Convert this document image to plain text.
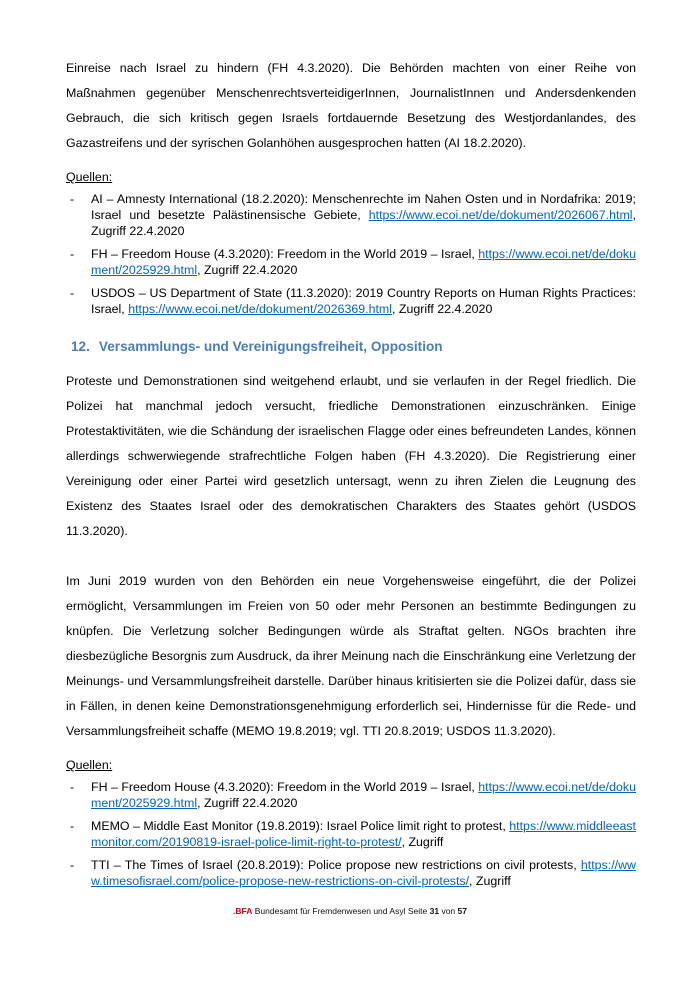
Einreise nach Israel zu hindern (FH 4.3.2020). Die Behörden machten von einer Reihe von Maßnahmen gegenüber MenschenrechtsverteidigerInnen, JournalistInnen und Andersdenkenden Gebrauch, die sich kritisch gegen Israels fortdauernde Besetzung des Westjordanlandes, des Gazastreifens und der syrischen Golanhöhen ausgesprochen hatten (AI 18.2.2020).

Quellen:
- AI – Amnesty International (18.2.2020): Menschenrechte im Nahen Osten und in Nordafrika: 2019; Israel und besetzte Palästinensische Gebiete, https://www.ecoi.net/de/dokument/2026067.html, Zugriff 22.4.2020
- FH – Freedom House (4.3.2020): Freedom in the World 2019 – Israel, https://www.ecoi.net/de/dokument/2025929.html, Zugriff 22.4.2020
- USDOS – US Department of State (11.3.2020): 2019 Country Reports on Human Rights Practices: Israel, https://www.ecoi.net/de/dokument/2026369.html, Zugriff 22.4.2020
12. Versammlungs- und Vereinigungsfreiheit, Opposition

Proteste und Demonstrationen sind weitgehend erlaubt, und sie verlaufen in der Regel friedlich. Die Polizei hat manchmal jedoch versucht, friedliche Demonstrationen einzuschränken. Einige Protestaktivitäten, wie die Schändung der israelischen Flagge oder eines befreundeten Landes, können allerdings schwerwiegende strafrechtliche Folgen haben (FH 4.3.2020). Die Registrierung einer Vereinigung oder einer Partei wird gesetzlich untersagt, wenn zu ihren Zielen die Leugnung des Existenz des Staates Israel oder des demokratischen Charakters des Staates gehört (USDOS 11.3.2020).

Im Juni 2019 wurden von den Behörden ein neue Vorgehensweise eingeführt, die der Polizei ermöglicht, Versammlungen im Freien von 50 oder mehr Personen an bestimmte Bedingungen zu knüpfen. Die Verletzung solcher Bedingungen würde als Straftat gelten. NGOs brachten ihre diesbezügliche Besorgnis zum Ausdruck, da ihrer Meinung nach die Einschränkung eine Verletzung der Meinungs- und Versammlungsfreiheit darstelle. Darüber hinaus kritisierten sie die Polizei dafür, dass sie in Fällen, in denen keine Demonstrationsgenehmigung erforderlich sei, Hindernisse für die Rede- und Versammlungsfreiheit schaffe (MEMO 19.8.2019; vgl. TTI 20.8.2019; USDOS 11.3.2020).

Quellen:
- FH – Freedom House (4.3.2020): Freedom in the World 2019 – Israel, https://www.ecoi.net/de/dokument/2025929.html, Zugriff 22.4.2020
- MEMO – Middle East Monitor (19.8.2019): Israel Police limit right to protest, https://www.middleeastmonitor.com/20190819-israel-police-limit-right-to-protest/, Zugriff
- TTI – The Times of Israel (20.8.2019): Police propose new restrictions on civil protests, https://www.timesofisrael.com/police-propose-new-restrictions-on-civil-protests/, Zugriff
.BFA Bundesamt für Fremdenwesen und Asyl Seite 31 von 57
